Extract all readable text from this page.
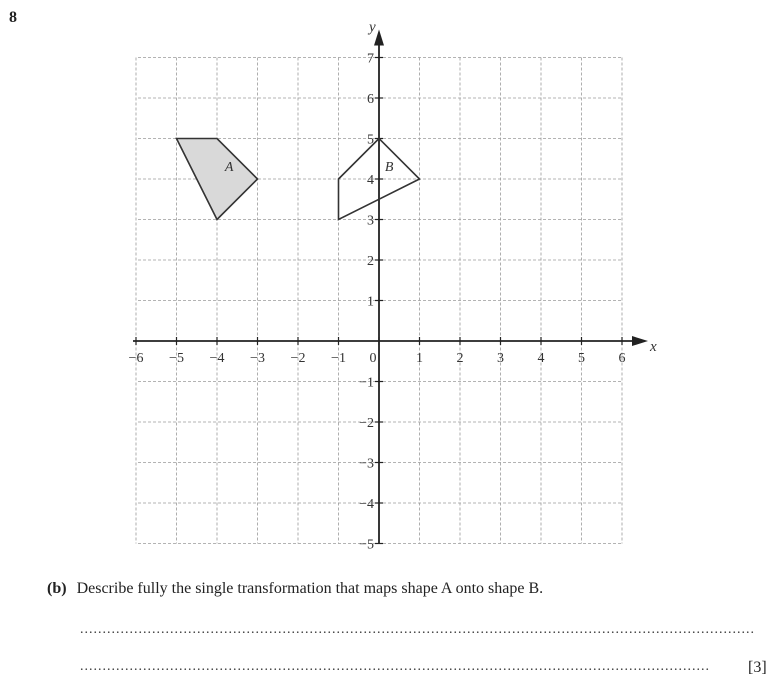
8
x
y
−6 −5 −4 −3 −2 −1 0	1 2 3 4 5 6
7
6
5
4
3
2
1
−1
−2
−3
−4
−5
A	B
(b) Describe fully the single transformation that maps shape A onto shape B.
......................................................................................................................................................
............................................................................................................................................	[3]
